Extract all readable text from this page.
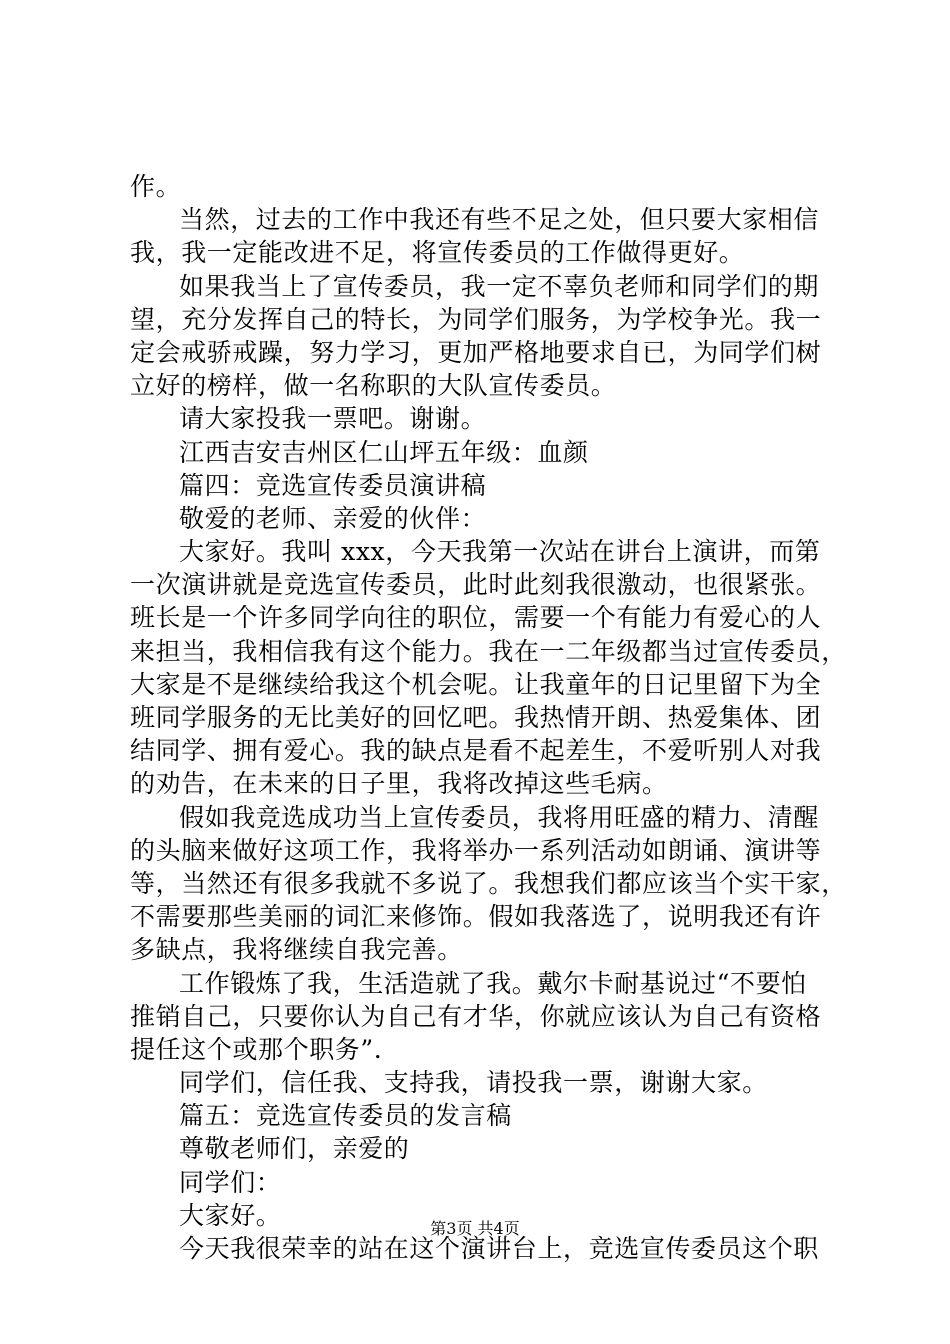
作。
当然，过去的工作中我还有些不足之处，但只要大家相信
我，我一定能改进不足，将宣传委员的工作做得更好。
如果我当上了宣传委员，我一定不辜负老师和同学们的期
望，充分发挥自己的特长，为同学们服务，为学校争光。我一
定会戒骄戒躁，努力学习，更加严格地要求自已，为同学们树
立好的榜样，做一名称职的大队宣传委员。
请大家投我一票吧。谢谢。
江西吉安吉州区仁山坪五年级：血颜
篇四：竞选宣传委员演讲稿
敬爱的老师、亲爱的伙伴：
大家好。我叫 xxx，今天我第一次站在讲台上演讲，而第
一次演讲就是竞选宣传委员，此时此刻我很激动，也很紧张。
班长是一个许多同学向往的职位，需要一个有能力有爱心的人
来担当，我相信我有这个能力。我在一二年级都当过宣传委员，
大家是不是继续给我这个机会呢。让我童年的日记里留下为全
班同学服务的无比美好的回忆吧。我热情开朗、热爱集体、团
结同学、拥有爱心。我的缺点是看不起差生，不爱听别人对我
的劝告，在未来的日子里，我将改掉这些毛病。
假如我竞选成功当上宣传委员，我将用旺盛的精力、清醒
的头脑来做好这项工作，我将举办一系列活动如朗诵、演讲等
等，当然还有很多我就不多说了。我想我们都应该当个实干家，
不需要那些美丽的词汇来修饰。假如我落选了，说明我还有许
多缺点，我将继续自我完善。
工作锻炼了我，生活造就了我。戴尔卡耐基说过“不要怕
推销自己，只要你认为自己有才华，你就应该认为自己有资格
提任这个或那个职务”.
同学们，信任我、支持我，请投我一票，谢谢大家。
篇五：竞选宣传委员的发言稿
尊敬老师们，亲爱的
同学们：
大家好。
今天我很荣幸的站在这个演讲台上，竞选宣传委员这个职
第3页 共4页
